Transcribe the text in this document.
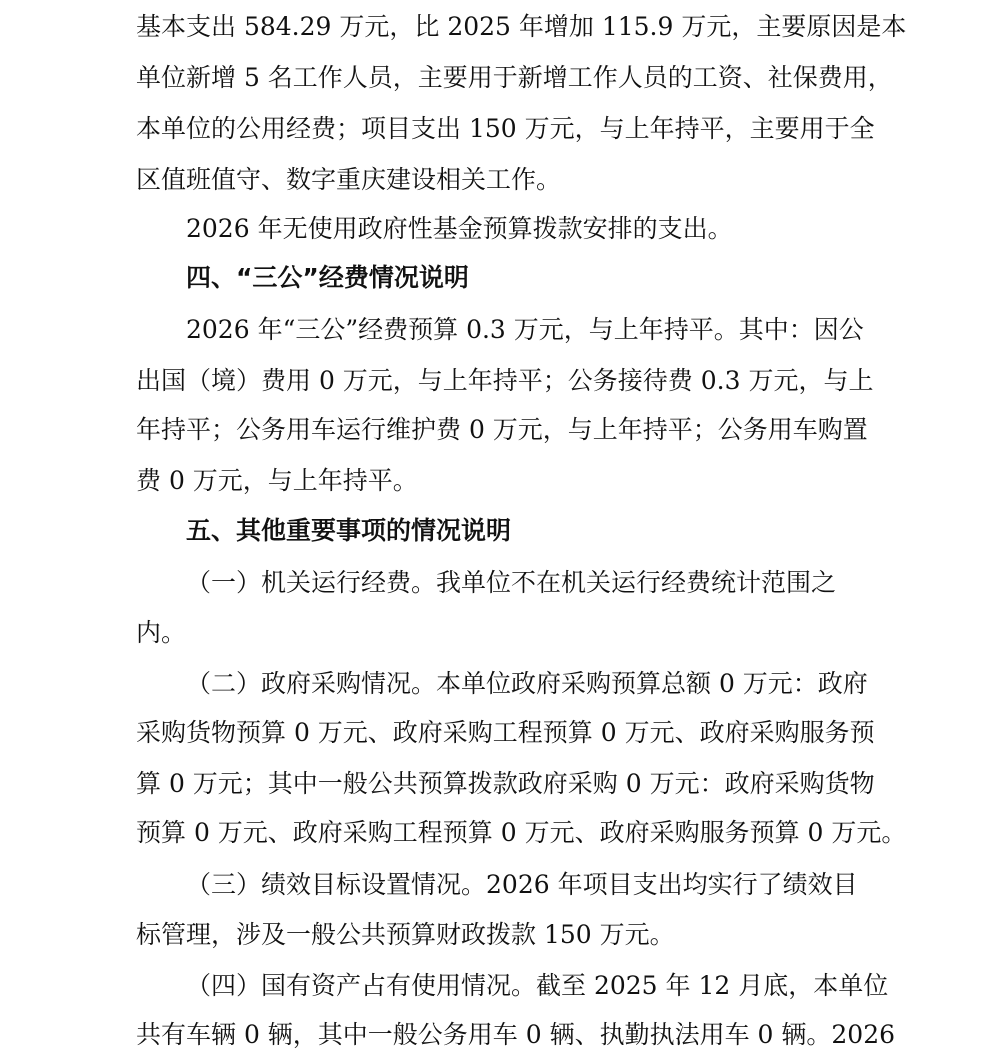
基本支出 584.29 万元，比 2025 年增加 115.9 万元，主要原因是本
单位新增 5 名工作人员，主要用于新增工作人员的工资、社保费用，
本单位的公用经费；项目支出 150 万元，与上年持平，主要用于全
区值班值守、数字重庆建设相关工作。
2026 年无使用政府性基金预算拨款安排的支出。
四、“三公”经费情况说明
2026 年“三公”经费预算 0.3 万元，与上年持平。其中：因公
出国（境）费用 0 万元，与上年持平；公务接待费 0.3 万元，与上
年持平；公务用车运行维护费 0 万元，与上年持平；公务用车购置
费 0 万元，与上年持平。
五、其他重要事项的情况说明
（一）机关运行经费。我单位不在机关运行经费统计范围之
内。
（二）政府采购情况。本单位政府采购预算总额 0 万元：政府
采购货物预算 0 万元、政府采购工程预算 0 万元、政府采购服务预
算 0 万元；其中一般公共预算拨款政府采购 0 万元：政府采购货物
预算 0 万元、政府采购工程预算 0 万元、政府采购服务预算 0 万元。
（三）绩效目标设置情况。2026 年项目支出均实行了绩效目
标管理，涉及一般公共预算财政拨款 150 万元。
（四）国有资产占有使用情况。截至 2025 年 12 月底，本单位
共有车辆 0 辆，其中一般公务用车 0 辆、执勤执法用车 0 辆。2026
